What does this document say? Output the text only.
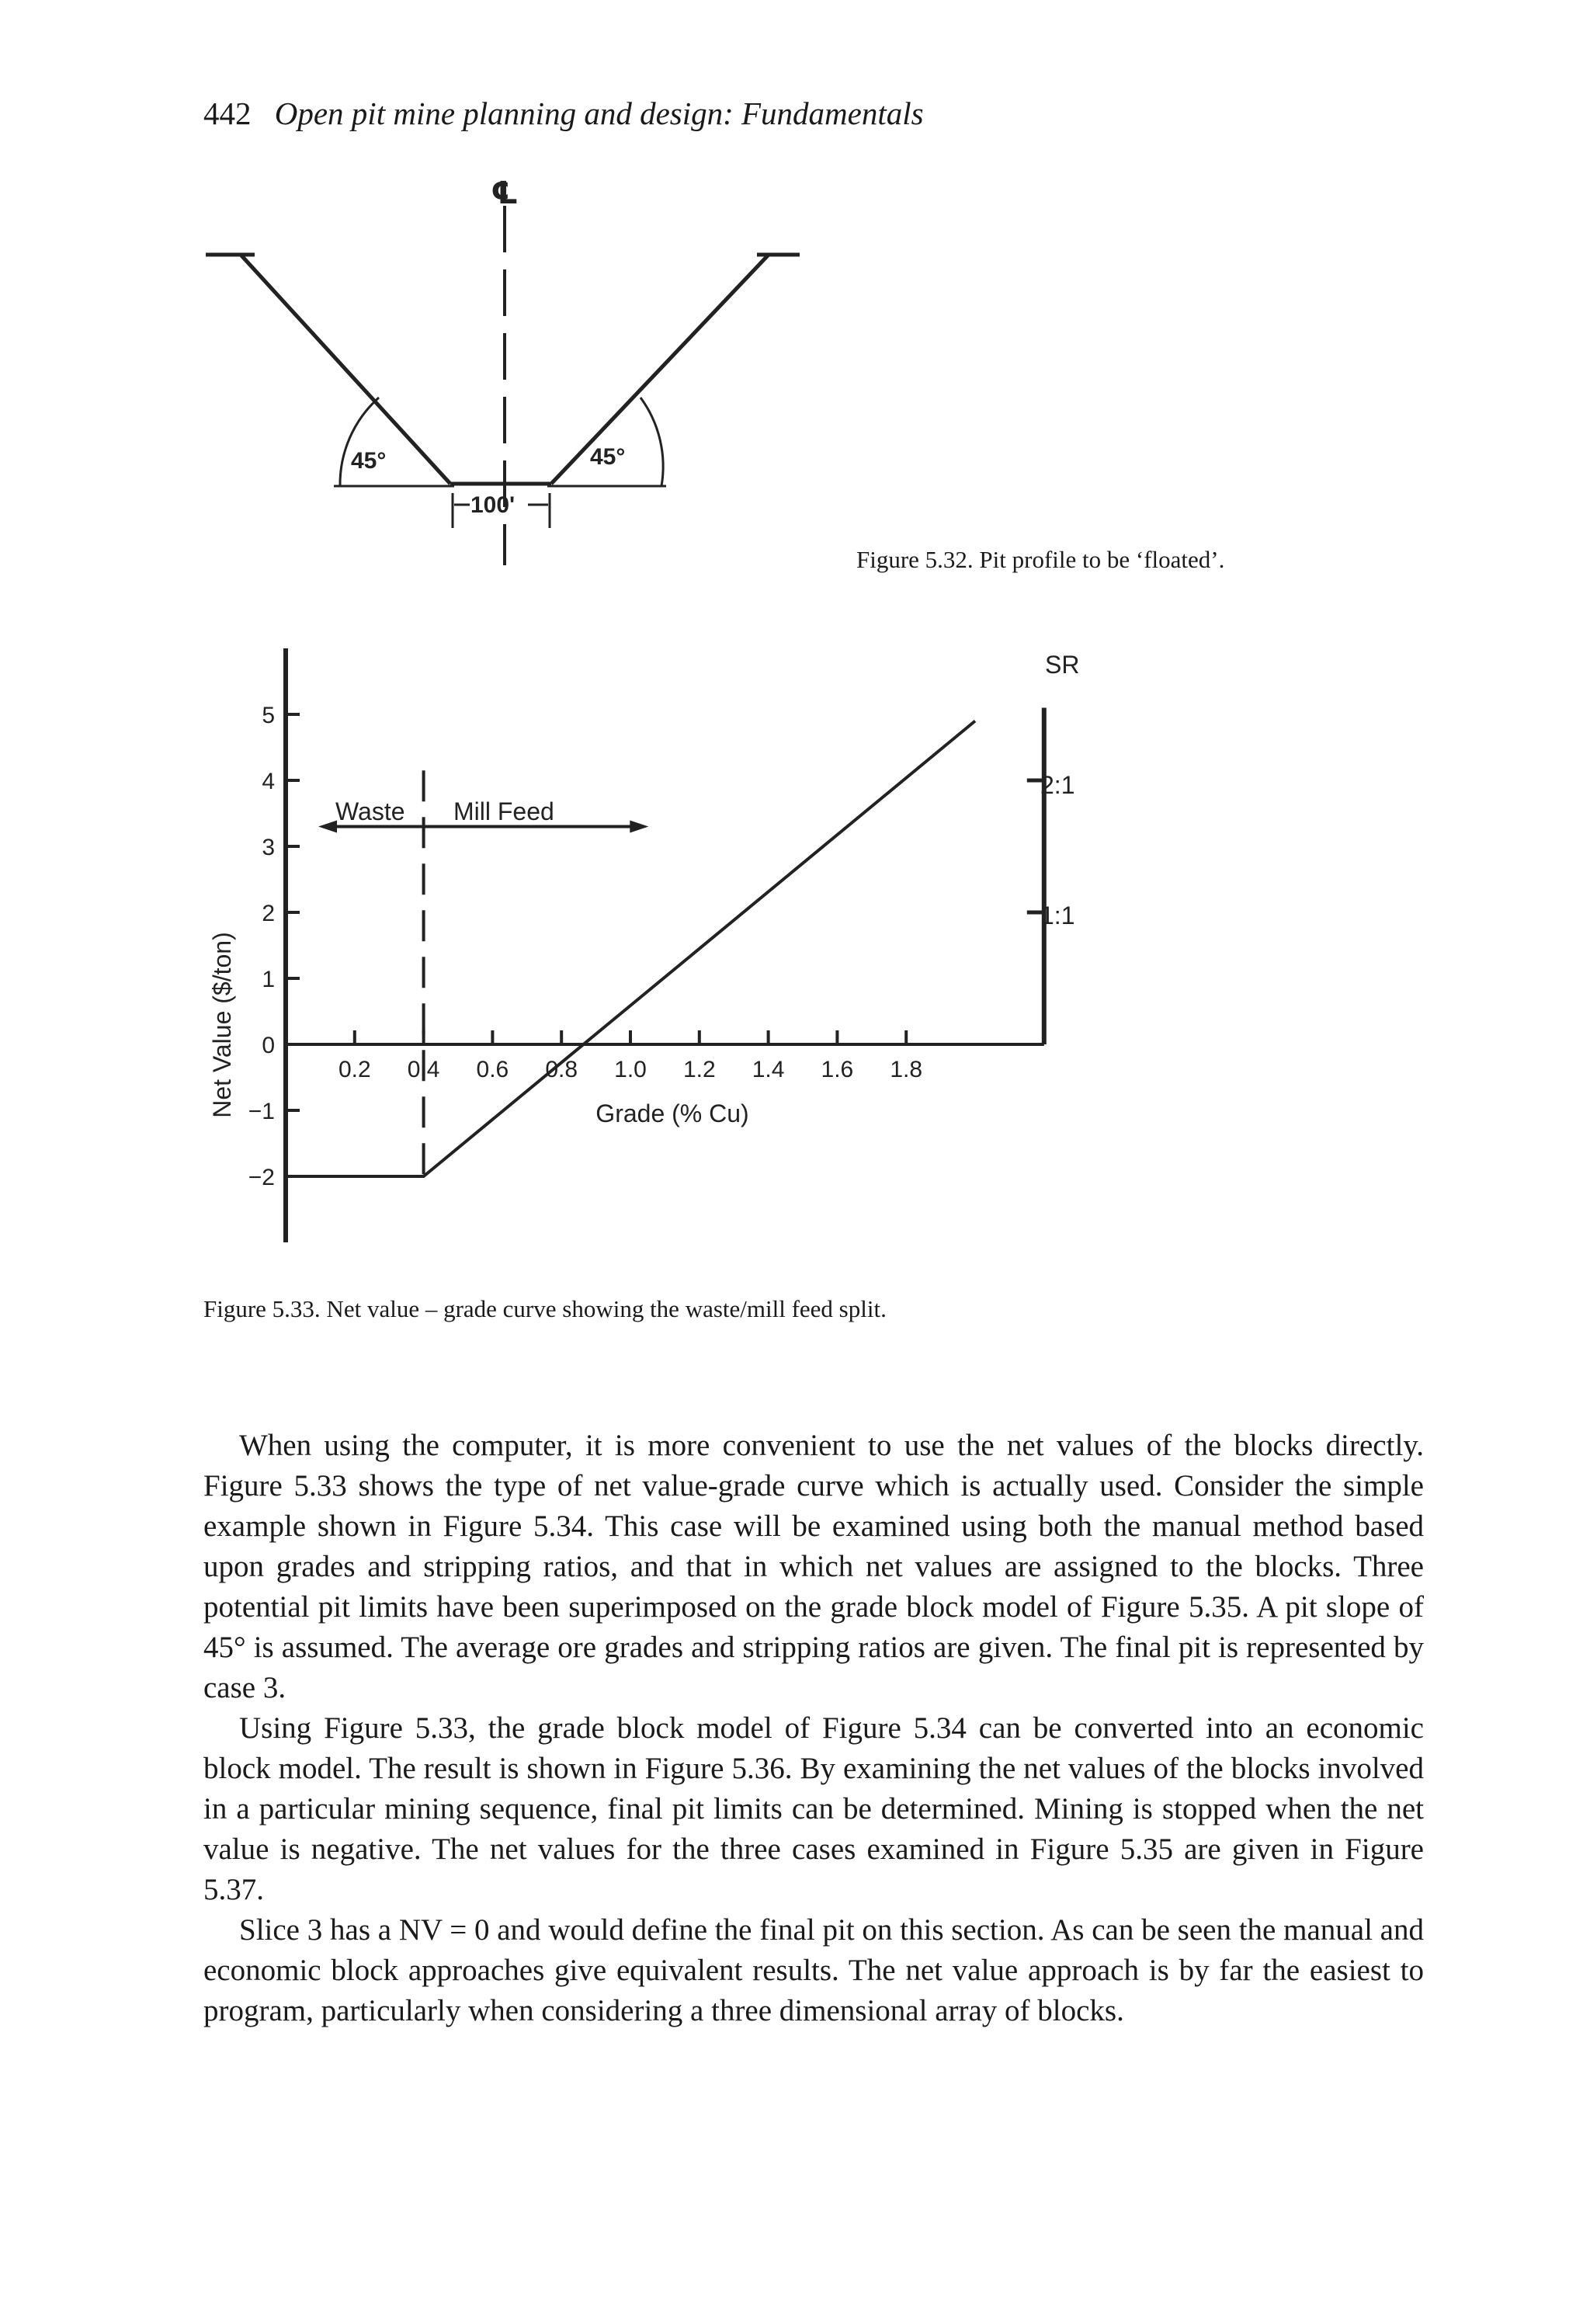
442 Open pit mine planning and design: Fundamentals
℄
45°	45°
100'
Figure 5.32. Pit profile to be ‘floated’.
5
4
3
2
1
0
−1
−2
0.2 0.4 0.6 0.8 1.0 1.2 1.4 1.6 1.8
Net Value ($/ton)	Grade (% Cu)
Waste Mill Feed
SR
2:1
1:1
Figure 5.33. Net value – grade curve showing the waste/mill feed split.

When using the computer, it is more convenient to use the net values of the blocks directly. Figure 5.33 shows the type of net value-grade curve which is actually used. Consider the simple example shown in Figure 5.34. This case will be examined using both the manual method based upon grades and stripping ratios, and that in which net values are assigned to the blocks. Three potential pit limits have been superimposed on the grade block model of Figure 5.35. A pit slope of 45° is assumed. The average ore grades and stripping ratios are given. The final pit is represented by case 3.

Using Figure 5.33, the grade block model of Figure 5.34 can be converted into an economic block model. The result is shown in Figure 5.36. By examining the net values of the blocks involved in a particular mining sequence, final pit limits can be determined. Mining is stopped when the net value is negative. The net values for the three cases examined in Figure 5.35 are given in Figure 5.37.

Slice 3 has a NV = 0 and would define the final pit on this section. As can be seen the manual and economic block approaches give equivalent results. The net value approach is by far the easiest to program, particularly when considering a three dimensional array of blocks.
